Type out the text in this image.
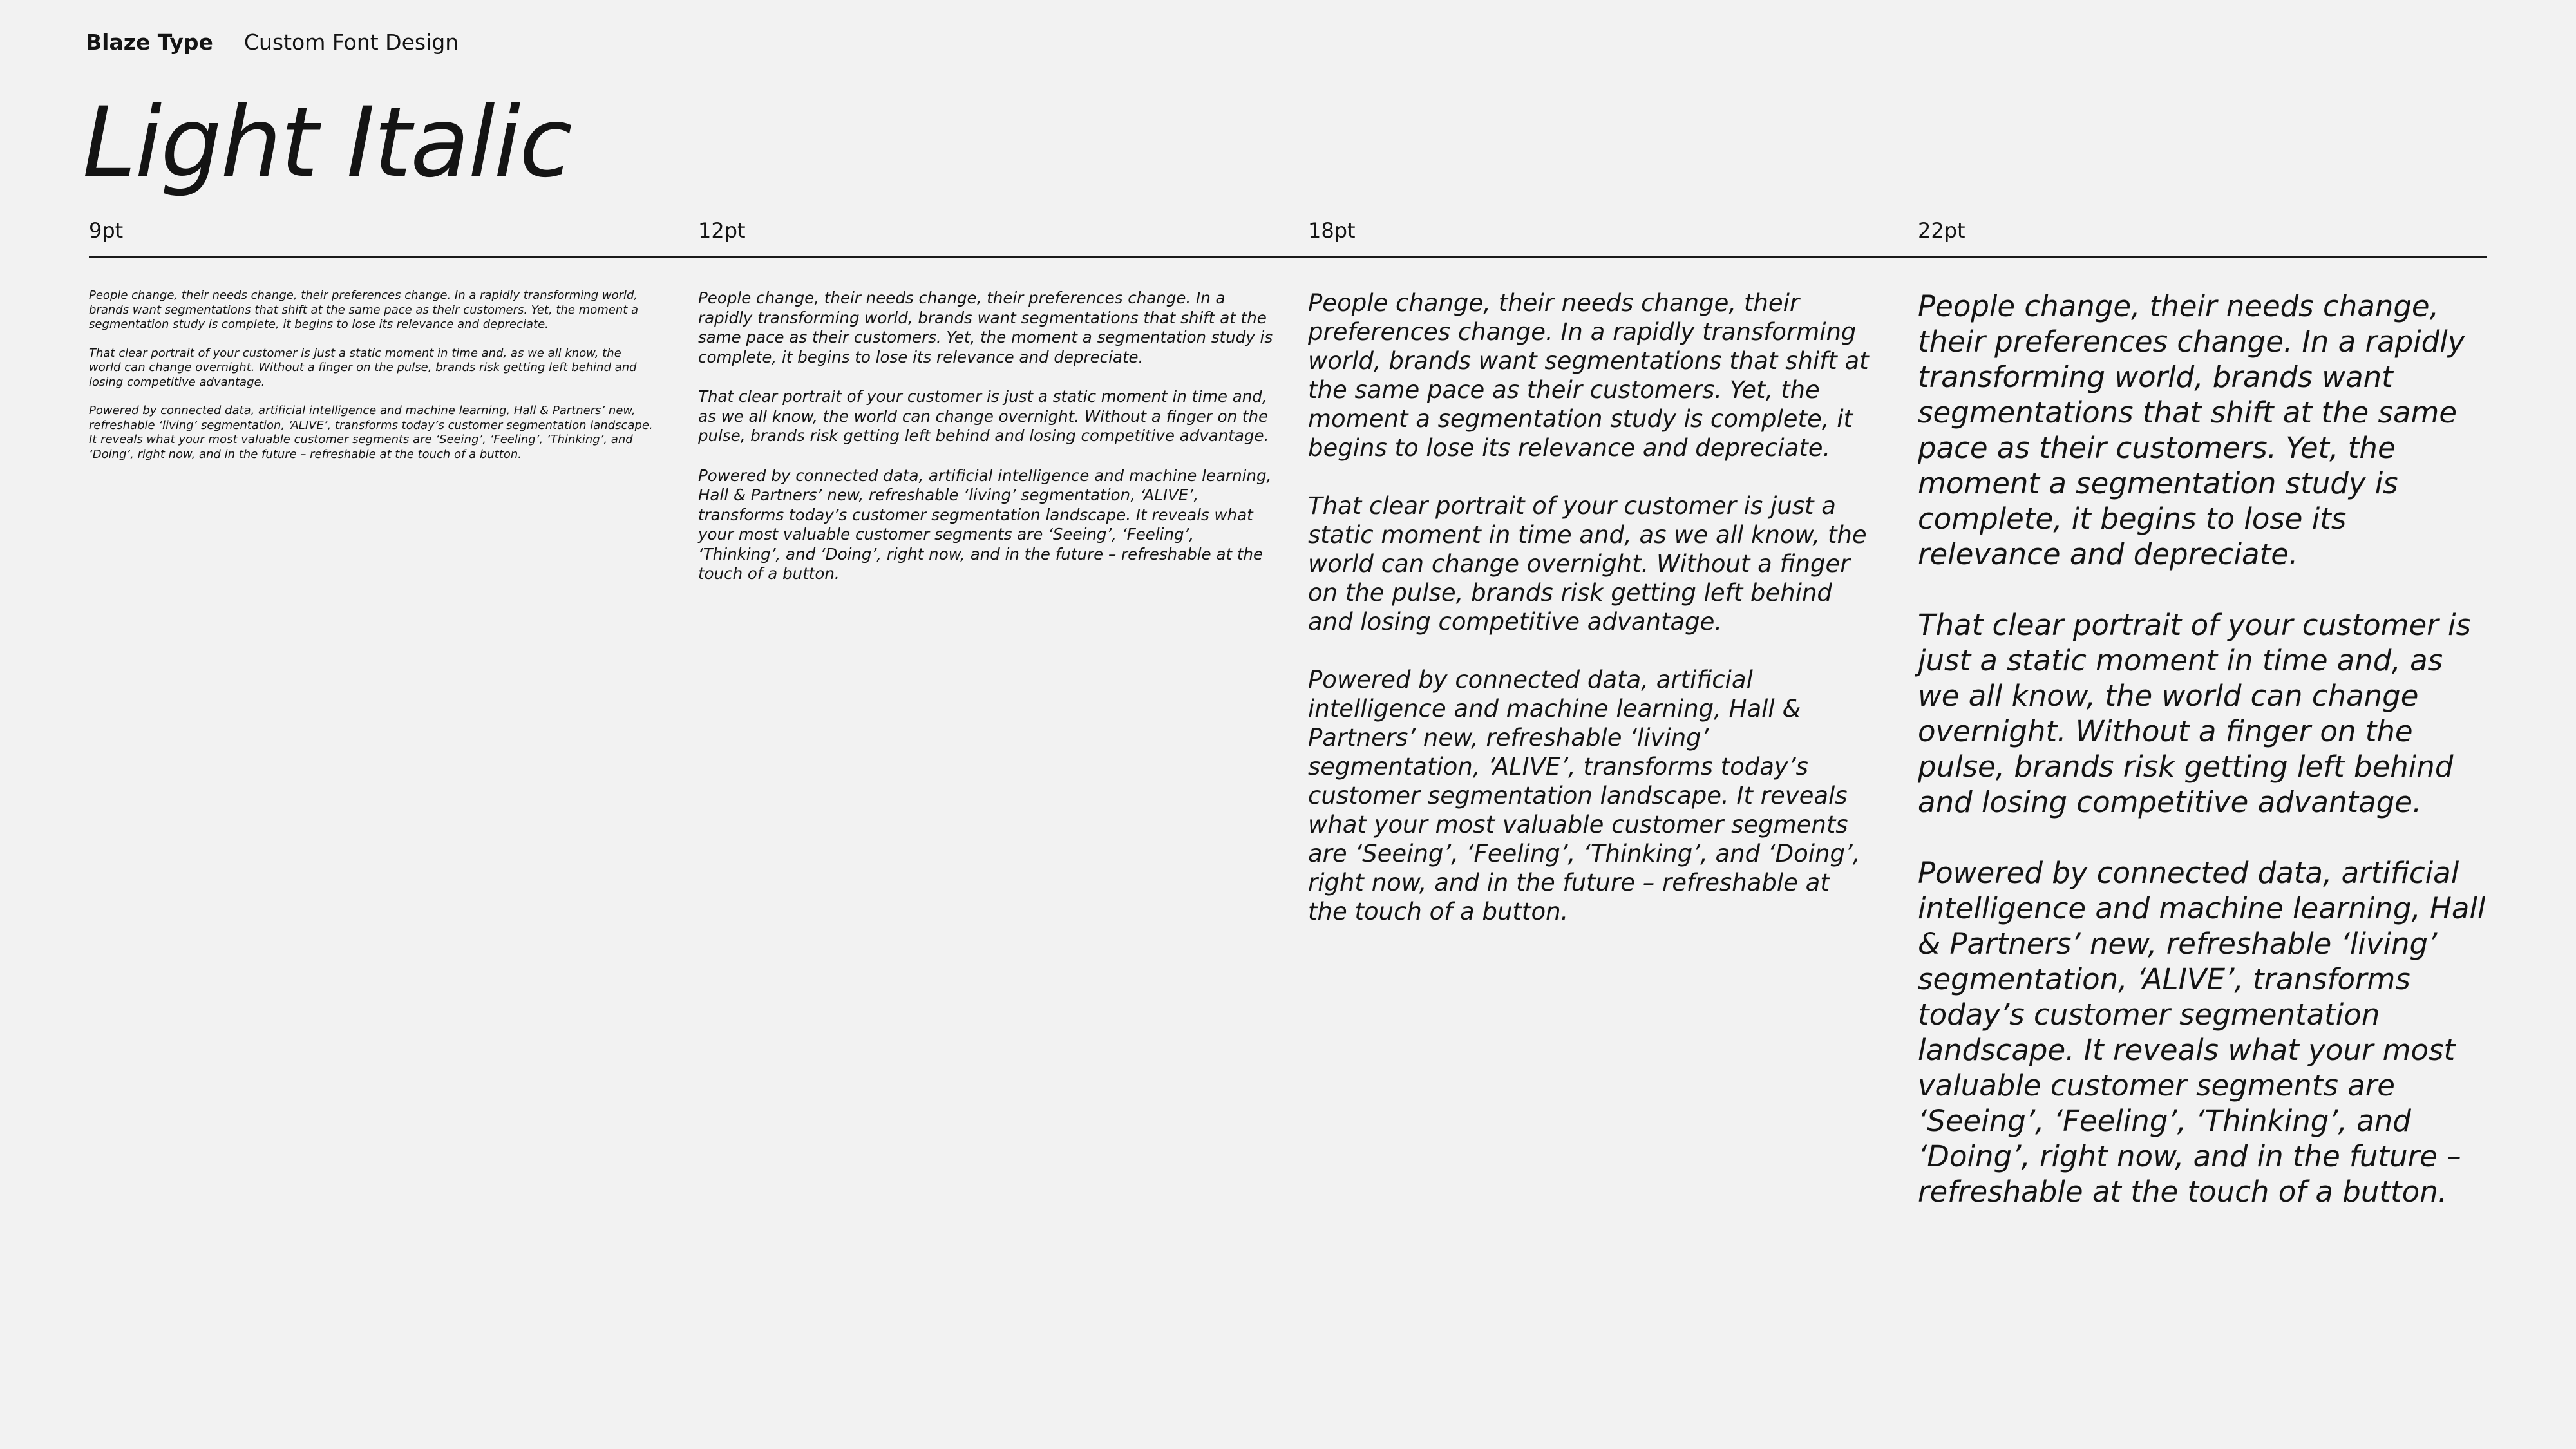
Blaze Type Custom Font Design
Light Italic
9pt	12pt	18pt	22pt

People change, their needs change, their preferences change. In a rapidly transforming world, brands want segmentations that shift at the same pace as their customers. Yet, the moment a segmentation study is complete, it begins to lose its relevance and depreciate.

That clear portrait of your customer is just a static moment in time and, as we all know, the world can change overnight. Without a finger on the pulse, brands risk getting left behind and losing competitive advantage.

Powered by connected data, artificial intelligence and machine learning, Hall & Partners’ new, refreshable ‘living’ segmentation, ‘ALIVE’, transforms today’s customer segmentation landscape. It reveals what your most valuable customer segments are ‘Seeing’, ‘Feeling’, ‘Thinking’, and ‘Doing’, right now, and in the future – refreshable at the touch of a button.

People change, their needs change, their preferences change. In a rapidly transforming world, brands want segmentations that shift at the same pace as their customers. Yet, the moment a segmentation study is complete, it begins to lose its relevance and depreciate.

That clear portrait of your customer is just a static moment in time and, as we all know, the world can change overnight. Without a finger on the pulse, brands risk getting left behind and losing competitive advantage.

Powered by connected data, artificial intelligence and machine learning, Hall & Partners’ new, refreshable ‘living’ segmentation, ‘ALIVE’, transforms today’s customer segmentation landscape. It reveals what your most valuable customer segments are ‘Seeing’, ‘Feeling’, ‘Thinking’, and ‘Doing’, right now, and in the future – refreshable at the touch of a button.

People change, their needs change, their preferences change. In a rapidly transforming world, brands want segmentations that shift at the same pace as their customers. Yet, the moment a segmentation study is complete, it begins to lose its relevance and depreciate.

That clear portrait of your customer is just a static moment in time and, as we all know, the world can change overnight. Without a finger on the pulse, brands risk getting left behind and losing competitive advantage.

Powered by connected data, artificial intelligence and machine learning, Hall & Partners’ new, refreshable ‘living’ segmentation, ‘ALIVE’, transforms today’s customer segmentation landscape. It reveals what your most valuable customer segments are ‘Seeing’, ‘Feeling’, ‘Thinking’, and ‘Doing’, right now, and in the future – refreshable at the touch of a button.

People change, their needs change, their preferences change. In a rapidly transforming world, brands want segmentations that shift at the same pace as their customers. Yet, the moment a segmentation study is complete, it begins to lose its relevance and depreciate.

That clear portrait of your customer is just a static moment in time and, as we all know, the world can change overnight. Without a finger on the pulse, brands risk getting left behind and losing competitive advantage.

Powered by connected data, artificial intelligence and machine learning, Hall & Partners’ new, refreshable ‘living’ segmentation, ‘ALIVE’, transforms today’s customer segmentation landscape. It reveals what your most valuable customer segments are ‘Seeing’, ‘Feeling’, ‘Thinking’, and ‘Doing’, right now, and in the future – refreshable at the touch of a button.
